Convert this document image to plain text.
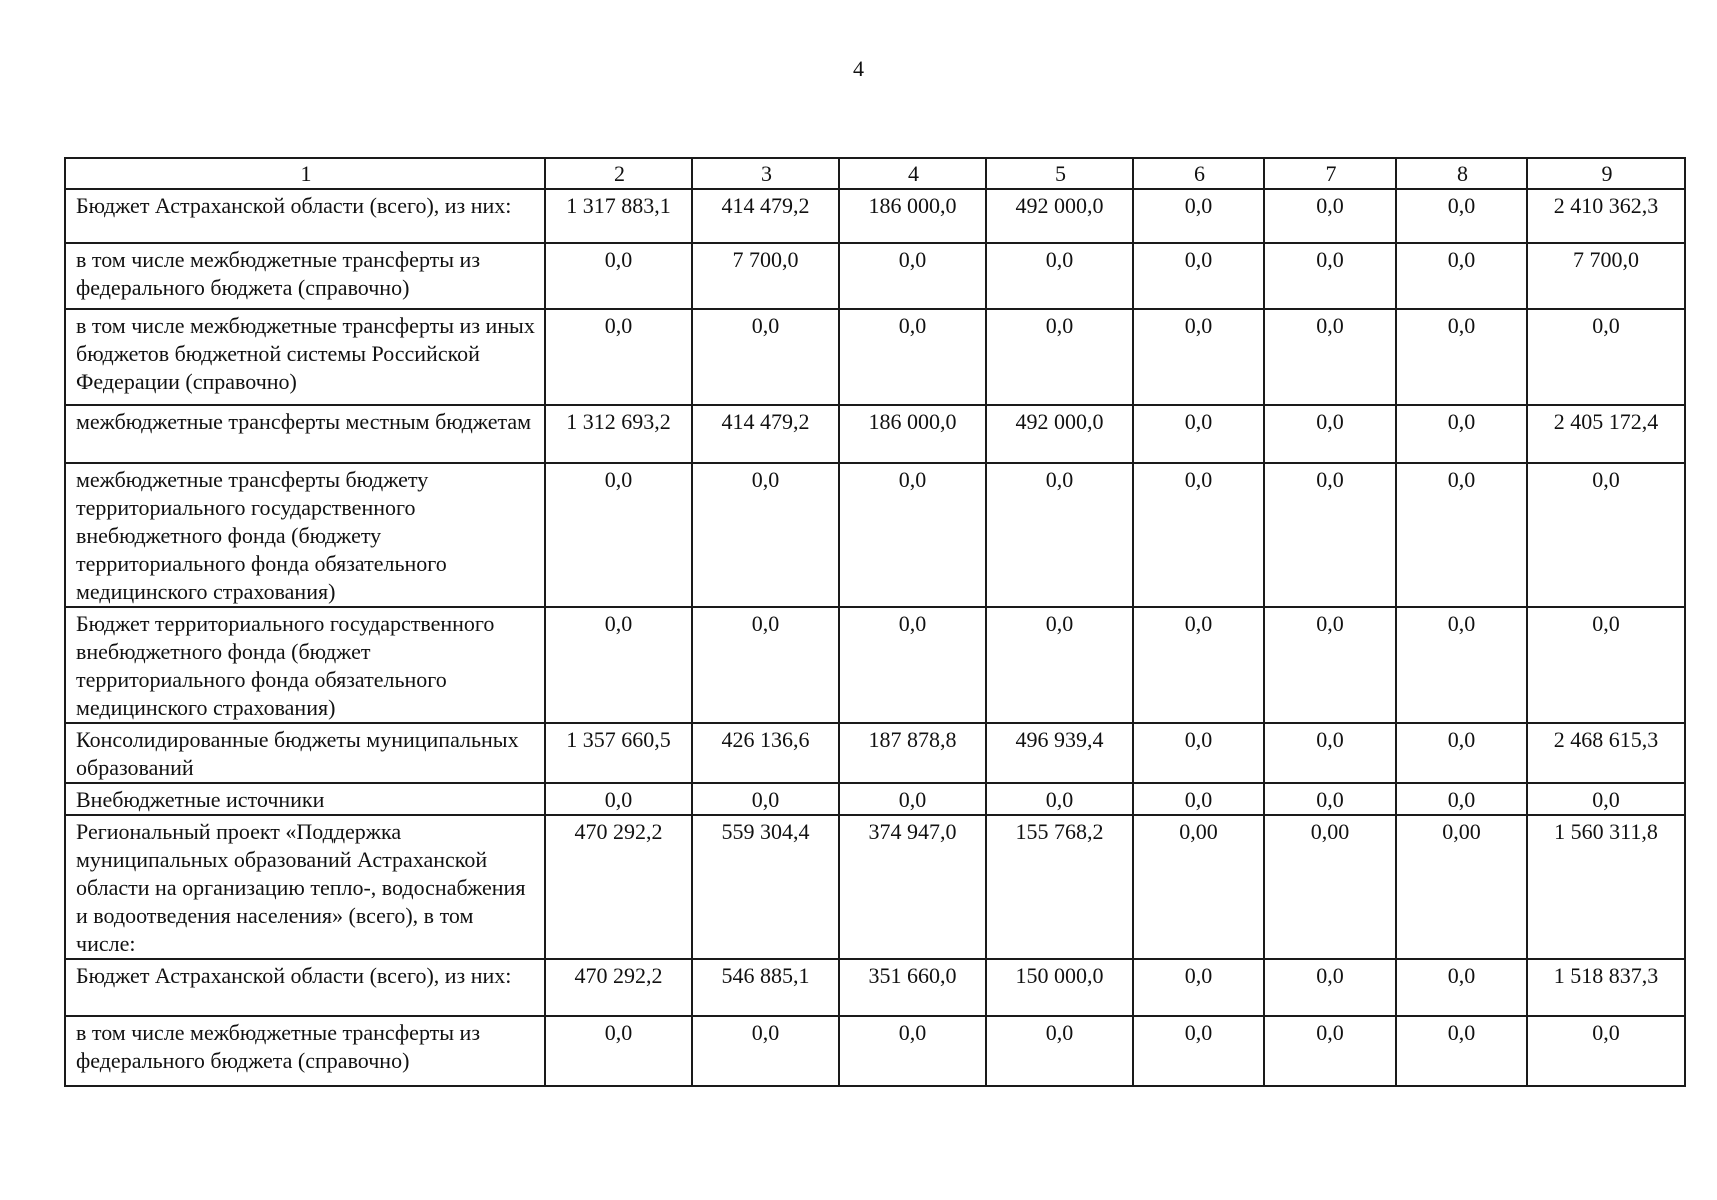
4
1	2	3	4	5	6	7	8	9
Бюджет Астраханской области (всего), из них:	1 317 883,1	414 479,2	186 000,0	492 000,0	0,0	0,0	0,0	2 410 362,3
в том числе межбюджетные трансферты из федерального бюджета (справочно)	0,0	7 700,0	0,0	0,0	0,0	0,0	0,0	7 700,0
в том числе межбюджетные трансферты из иных бюджетов бюджетной системы Российской Федерации (справочно)	0,0	0,0	0,0	0,0	0,0	0,0	0,0	0,0
межбюджетные трансферты местным бюджетам	1 312 693,2	414 479,2	186 000,0	492 000,0	0,0	0,0	0,0	2 405 172,4
межбюджетные трансферты бюджету территориального государственного внебюджетного фонда (бюджету территориального фонда обязательного медицинского страхования)	0,0	0,0	0,0	0,0	0,0	0,0	0,0	0,0
Бюджет территориального государственного внебюджетного фонда (бюджет территориального фонда обязательного медицинского страхования)	0,0	0,0	0,0	0,0	0,0	0,0	0,0	0,0
Консолидированные бюджеты муниципальных образований	1 357 660,5	426 136,6	187 878,8	496 939,4	0,0	0,0	0,0	2 468 615,3
Внебюджетные источники	0,0	0,0	0,0	0,0	0,0	0,0	0,0	0,0
Региональный проект «Поддержка муниципальных образований Астраханской области на организацию тепло-, водоснабжения и водоотведения населения» (всего), в том числе:	470 292,2	559 304,4	374 947,0	155 768,2	0,00	0,00	0,00	1 560 311,8
Бюджет Астраханской области (всего), из них:	470 292,2	546 885,1	351 660,0	150 000,0	0,0	0,0	0,0	1 518 837,3
в том числе межбюджетные трансферты из федерального бюджета (справочно)	0,0	0,0	0,0	0,0	0,0	0,0	0,0	0,0
